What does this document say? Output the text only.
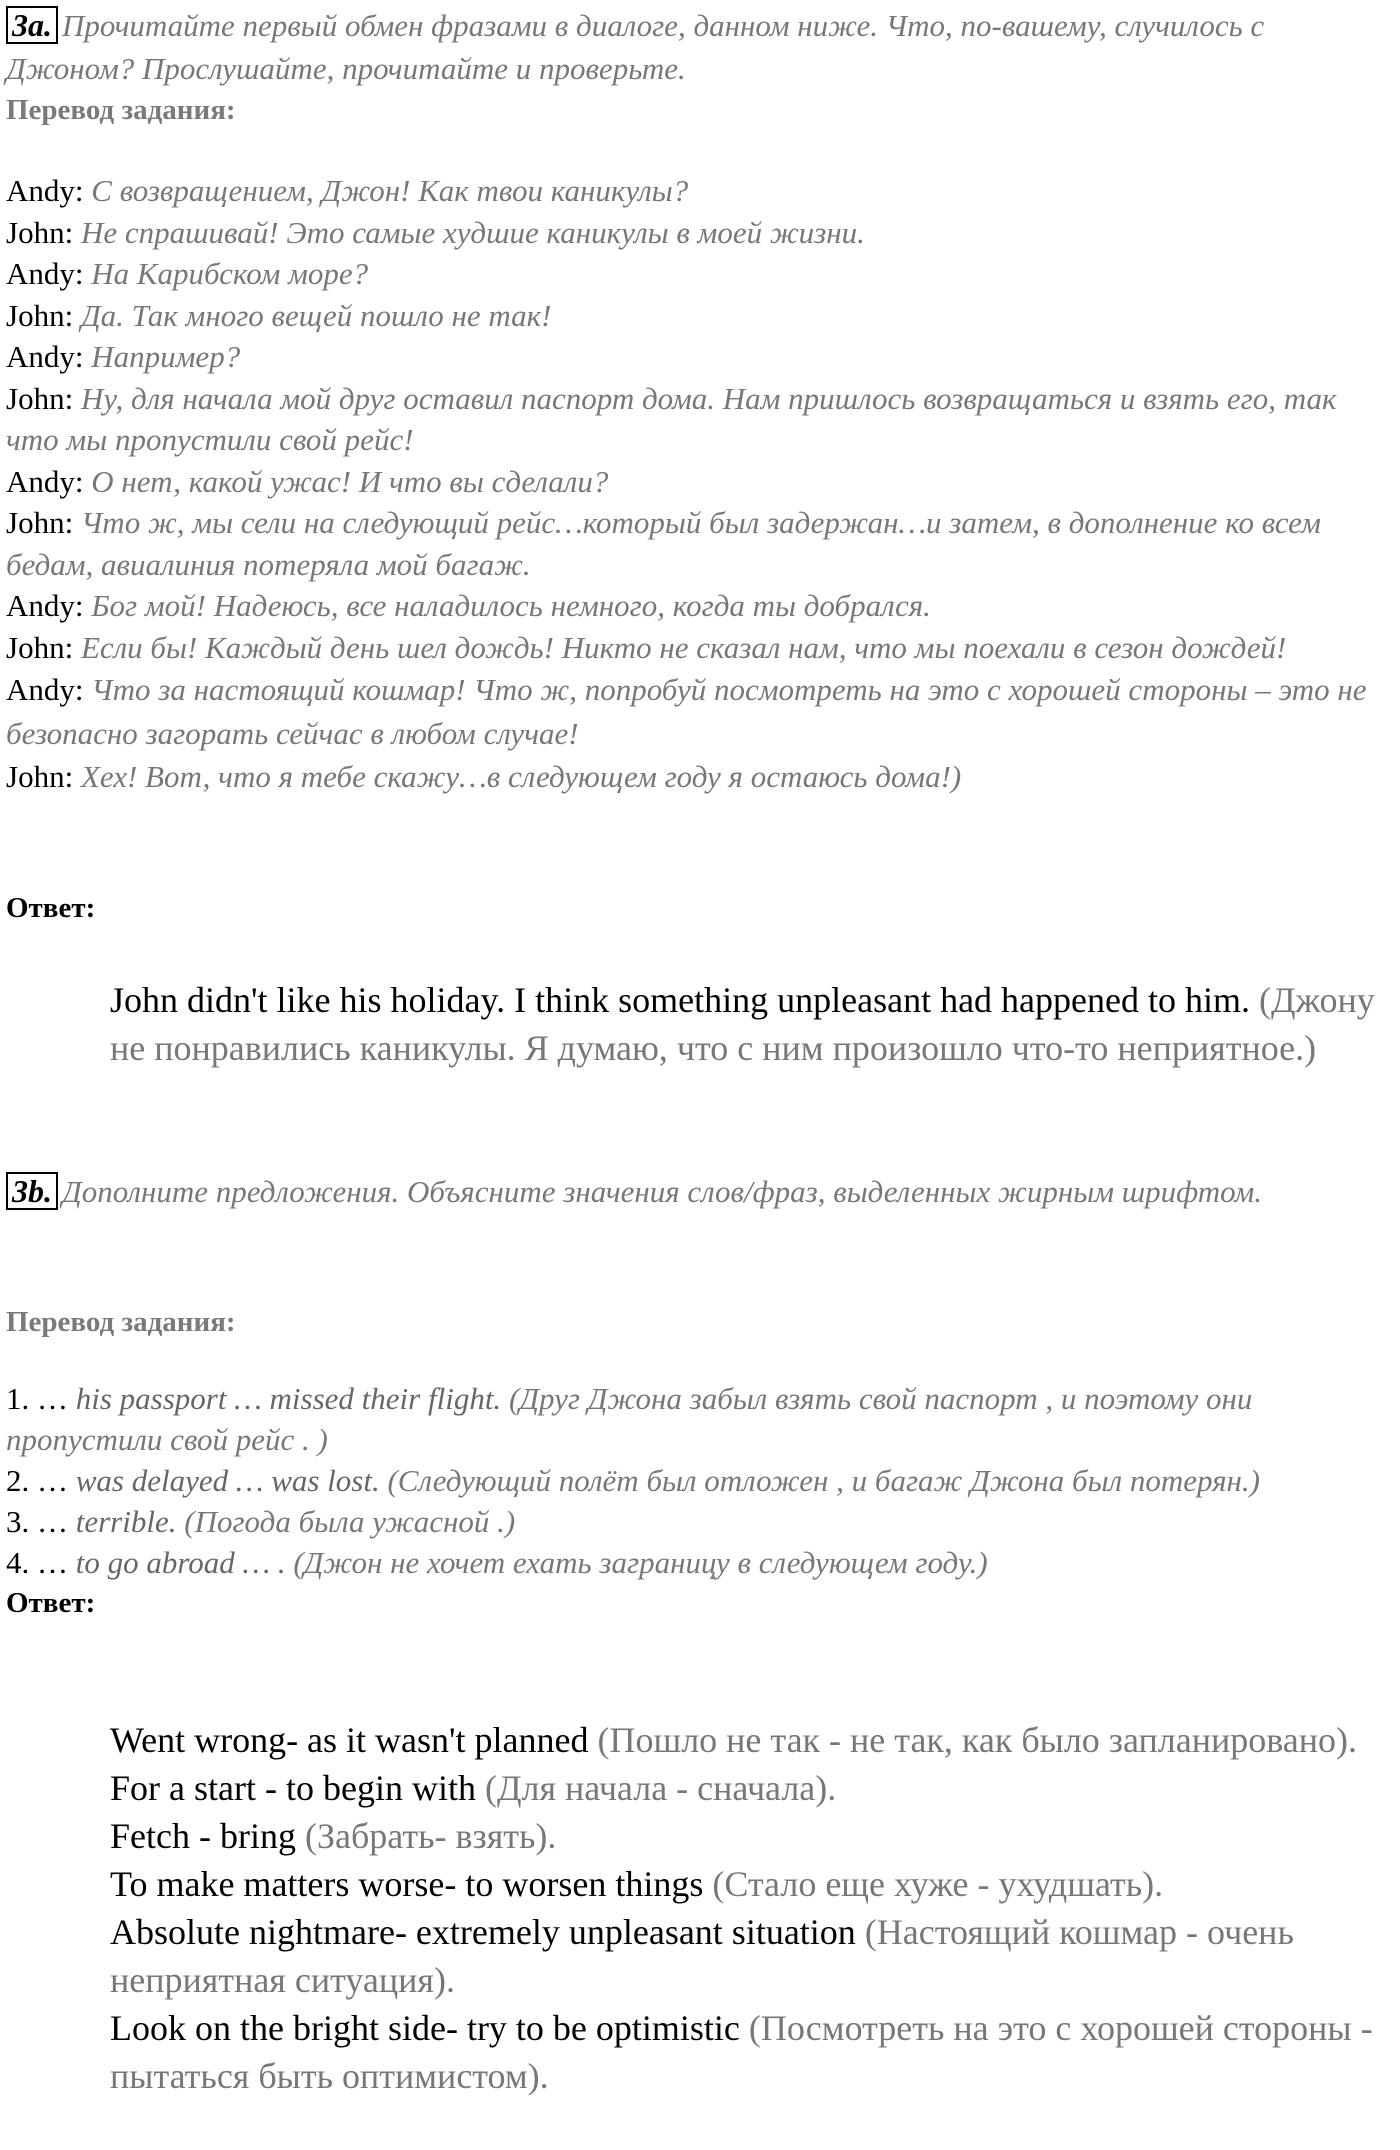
3a. Прочитайте первый обмен фразами в диалоге, данном ниже. Что, по-вашему, случилось с Джоном? Прослушайте, прочитайте и проверьте.
Перевод задания:
Andy: С возвращением, Джон! Как твои каникулы?
John: Не спрашивай! Это самые худшие каникулы в моей жизни.
Andy: На Карибском море?
John: Да. Так много вещей пошло не так!
Andy: Например?
John: Ну, для начала мой друг оставил паспорт дома. Нам пришлось возвращаться и взять его, так что мы пропустили свой рейс!
Andy: О нет, какой ужас! И что вы сделали?
John: Что ж, мы сели на следующий рейс…который был задержан…и затем, в дополнение ко всем бедам, авиалиния потеряла мой багаж.
Andy: Бог мой! Надеюсь, все наладилось немного, когда ты добрался.
John: Если бы! Каждый день шел дождь! Никто не сказал нам, что мы поехали в сезон дождей!
Andy: Что за настоящий кошмар! Что ж, попробуй посмотреть на это с хорошей стороны – это не безопасно загорать сейчас в любом случае!
John: Хех! Вот, что я тебе скажу…в следующем году я остаюсь дома!)
Ответ:
John didn't like his holiday. I think something unpleasant had happened to him. (Джону не понравились каникулы. Я думаю, что с ним произошло что-то неприятное.)
3b. Дополните предложения. Объясните значения слов/фраз, выделенных жирным шрифтом.
Перевод задания:
1. … his passport … missed their flight. (Друг Джона забыл взять свой паспорт , и поэтому они пропустили свой рейс . )
2. … was delayed … was lost. (Следующий полёт был отложен , и багаж Джона был потерян.)
3. … terrible. (Погода была ужасной .)
4. … to go abroad … . (Джон не хочет ехать заграницу в следующем году.)
Ответ:
Went wrong- as it wasn't planned (Пошло не так - не так, как было запланировано).
For a start - to begin with (Для начала - сначала).
Fetch - bring (Забрать- взять).
To make matters worse- to worsen things (Стало еще хуже - ухудшать).
Absolute nightmare- extremely unpleasant situation (Настоящий кошмар - очень неприятная ситуация).
Look on the bright side- try to be optimistic (Посмотреть на это с хорошей стороны - пытаться быть оптимистом).
